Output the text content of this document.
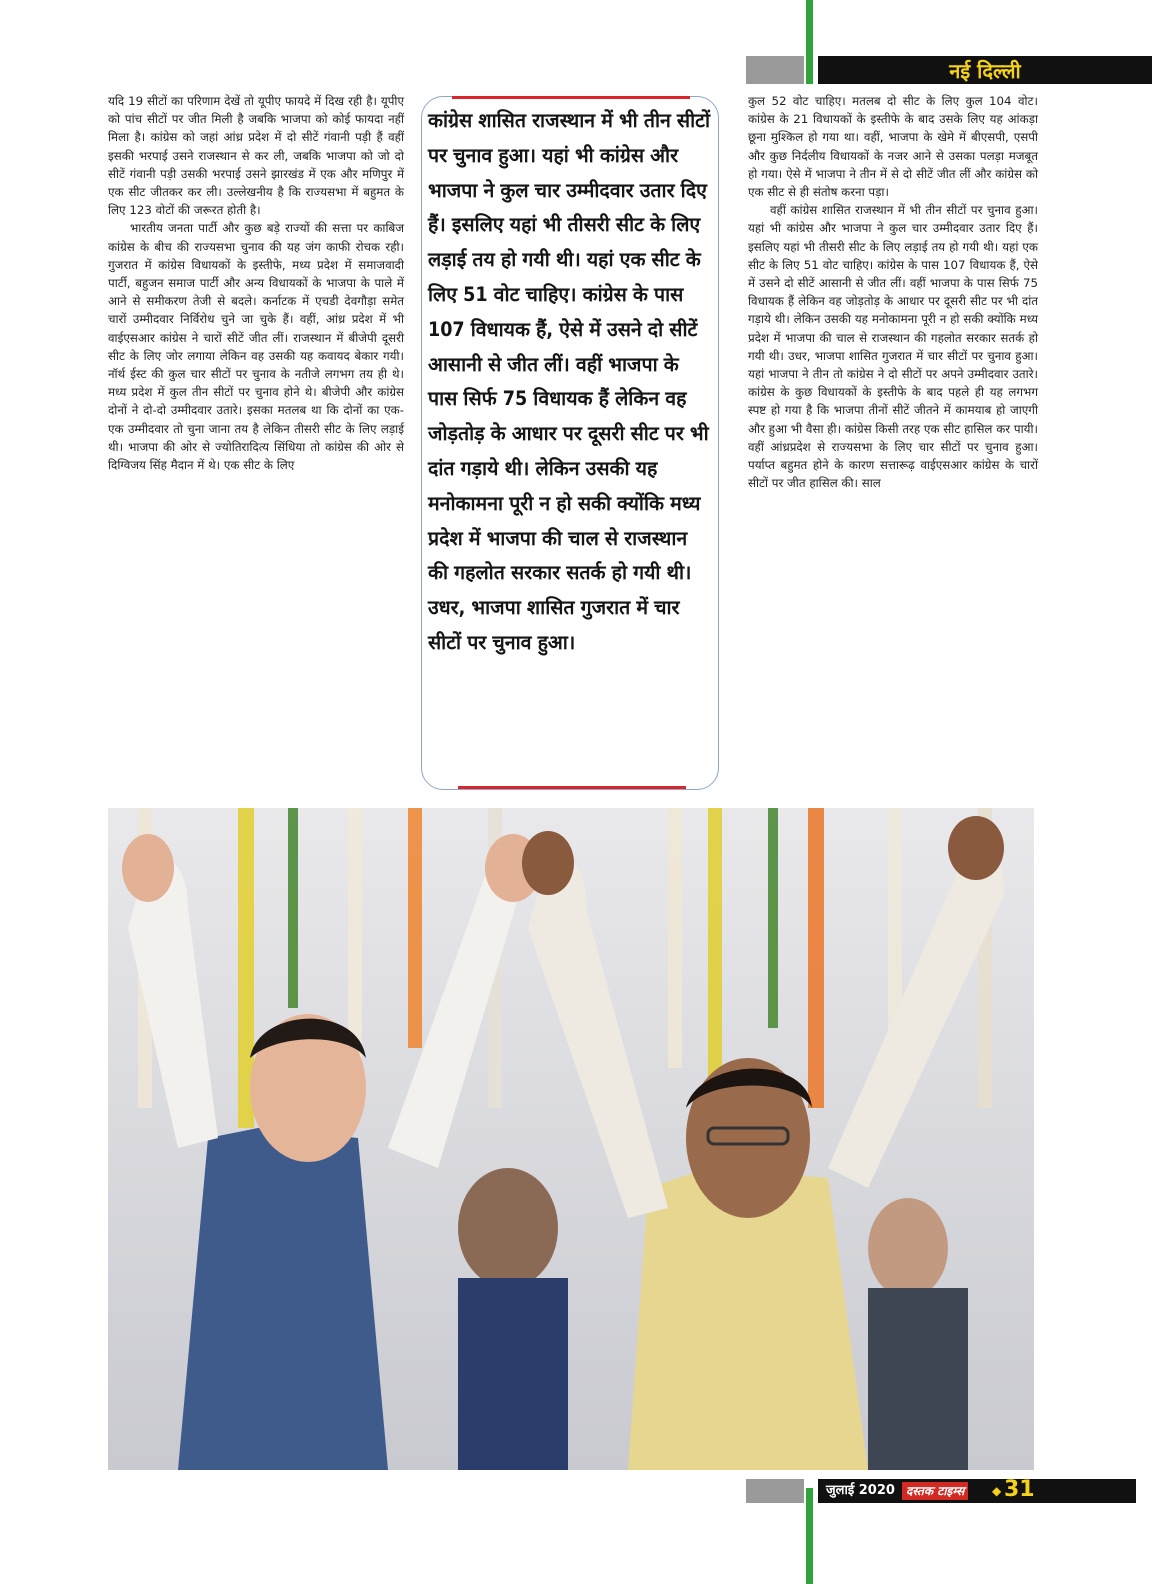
नई दिल्ली

यदि 19 सीटों का परिणाम देखें तो यूपीए फायदे में दिख रही है। यूपीए को पांच सीटों पर जीत मिली है जबकि भाजपा को कोई फायदा नहीं मिला है। कांग्रेस को जहां आंध्र प्रदेश में दो सीटें गंवानी पड़ी हैं वहीं इसकी भरपाई उसने राजस्थान से कर ली, जबकि भाजपा को जो दो सीटें गंवानी पड़ी उसकी भरपाई उसने झारखंड में एक और मणिपुर में एक सीट जीतकर कर ली। उल्लेखनीय है कि राज्यसभा में बहुमत के लिए 123 वोटों की जरूरत होती है।

भारतीय जनता पार्टी और कुछ बड़े राज्यों की सत्ता पर काबिज कांग्रेस के बीच की राज्यसभा चुनाव की यह जंग काफी रोचक रही। गुजरात में कांग्रेस विधायकों के इस्तीफे, मध्य प्रदेश में समाजवादी पार्टी, बहुजन समाज पार्टी और अन्य विधायकों के भाजपा के पाले में आने से समीकरण तेजी से बदले। कर्नाटक में एचडी देवगौड़ा समेत चारों उम्मीदवार निर्विरोध चुने जा चुके हैं। वहीं, आंध्र प्रदेश में भी वाईएसआर कांग्रेस ने चारों सीटें जीत लीं। राजस्थान में बीजेपी दूसरी सीट के लिए जोर लगाया लेकिन वह उसकी यह कवायद बेकार गयी। नॉर्थ ईस्ट की कुल चार सीटों पर चुनाव के नतीजे लगभग तय ही थे। मध्य प्रदेश में कुल तीन सीटों पर चुनाव होने थे। बीजेपी और कांग्रेस दोनों ने दो-दो उम्मीदवार उतारे। इसका मतलब था कि दोनों का एक-एक उम्मीदवार तो चुना जाना तय है लेकिन तीसरी सीट के लिए लड़ाई थी। भाजपा की ओर से ज्योतिरादित्य सिंधिया तो कांग्रेस की ओर से दिग्विजय सिंह मैदान में थे। एक सीट के लिए

कांग्रेस शासित राजस्थान में भी तीन सीटों पर चुनाव हुआ। यहां भी कांग्रेस और भाजपा ने कुल चार उम्मीदवार उतार दिए हैं। इसलिए यहां भी तीसरी सीट के लिए लड़ाई तय हो गयी थी। यहां एक सीट के लिए 51 वोट चाहिए। कांग्रेस के पास 107 विधायक हैं, ऐसे में उसने दो सीटें आसानी से जीत लीं। वहीं भाजपा के पास सिर्फ 75 विधायक हैं लेकिन वह जोड़तोड़ के आधार पर दूसरी सीट पर भी दांत गड़ाये थी। लेकिन उसकी यह मनोकामना पूरी न हो सकी क्योंकि मध्य प्रदेश में भाजपा की चाल से राजस्थान की गहलोत सरकार सतर्क हो गयी थी। उधर, भाजपा शासित गुजरात में चार सीटों पर चुनाव हुआ।

कुल 52 वोट चाहिए। मतलब दो सीट के लिए कुल 104 वोट। कांग्रेस के 21 विधायकों के इस्तीफे के बाद उसके लिए यह आंकड़ा छूना मुश्किल हो गया था। वहीं, भाजपा के खेमे में बीएसपी, एसपी और कुछ निर्दलीय विधायकों के नजर आने से उसका पलड़ा मजबूत हो गया। ऐसे में भाजपा ने तीन में से दो सीटें जीत लीं और कांग्रेस को एक सीट से ही संतोष करना पड़ा।

वहीं कांग्रेस शासित राजस्थान में भी तीन सीटों पर चुनाव हुआ। यहां भी कांग्रेस और भाजपा ने कुल चार उम्मीदवार उतार दिए हैं। इसलिए यहां भी तीसरी सीट के लिए लड़ाई तय हो गयी थी। यहां एक सीट के लिए 51 वोट चाहिए। कांग्रेस के पास 107 विधायक हैं, ऐसे में उसने दो सीटें आसानी से जीत लीं। वहीं भाजपा के पास सिर्फ 75 विधायक हैं लेकिन वह जोड़तोड़ के आधार पर दूसरी सीट पर भी दांत गड़ाये थी। लेकिन उसकी यह मनोकामना पूरी न हो सकी क्योंकि मध्य प्रदेश में भाजपा की चाल से राजस्थान की गहलोत सरकार सतर्क हो गयी थी। उधर, भाजपा शासित गुजरात में चार सीटों पर चुनाव हुआ। यहां भाजपा ने तीन तो कांग्रेस ने दो सीटों पर अपने उम्मीदवार उतारे। कांग्रेस के कुछ विधायकों के इस्तीफे के बाद पहले ही यह लगभग स्पष्ट हो गया है कि भाजपा तीनों सीटें जीतने में कामयाब हो जाएगी और हुआ भी वैसा ही। कांग्रेस किसी तरह एक सीट हासिल कर पायी। वहीं आंध्रप्रदेश से राज्यसभा के लिए चार सीटों पर चुनाव हुआ। पर्याप्त बहुमत होने के कारण सत्तारूढ़ वाईएसआर कांग्रेस के चारों सीटों पर जीत हासिल की। साल

जुलाई 2020 दस्तक टाइम्स	◆ 31
